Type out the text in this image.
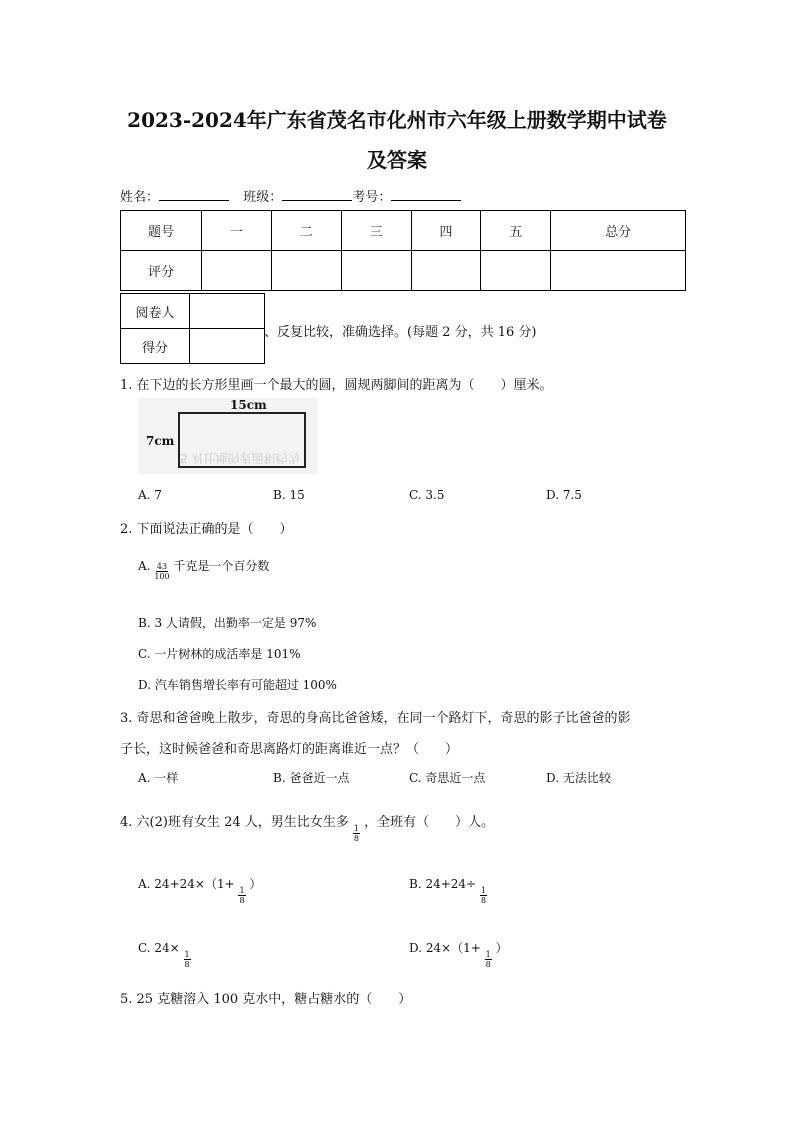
2023-2024年广东省茂名市化州市六年级上册数学期中试卷
及答案
姓名：	班级：	考号：
题号	一	二	三	四	五	总分
评分						
阅卷人	
得分	
、反复比较，准确选择。(每题 2 分，共 16 分)
1. 在下边的长方形里画一个最大的圆，圆规两脚间的距离为（　　）厘米。
15cm
7cm
5 对比地的表面积约为
A. 7	B. 15	C. 3.5	D. 7.5
2. 下面说法正确的是（　　）
A. $\frac{43}{100}$ 千克是一个百分数
B. 3 人请假，出勤率一定是 97%
C. 一片树林的成活率是 101%
D. 汽车销售增长率有可能超过 100%
3. 奇思和爸爸晚上散步，奇思的身高比爸爸矮，在同一个路灯下，奇思的影子比爸爸的影
子长，这时候爸爸和奇思离路灯的距离谁近一点？（　　）
A. 一样	B. 爸爸近一点	C. 奇思近一点	D. 无法比较
4. 六(2)班有女生 24 人，男生比女生多
$\frac{1}{8}$
，全班有（　　）人。
A. 24+24×（1+
$\frac{1}{8}$
）	B. 24+24÷
$\frac{1}{8}$
C. 24×
$\frac{1}{8}$
D. 24×（1+
$\frac{1}{8}$
）
5. 25 克糖溶入 100 克水中，糖占糖水的（　　）
